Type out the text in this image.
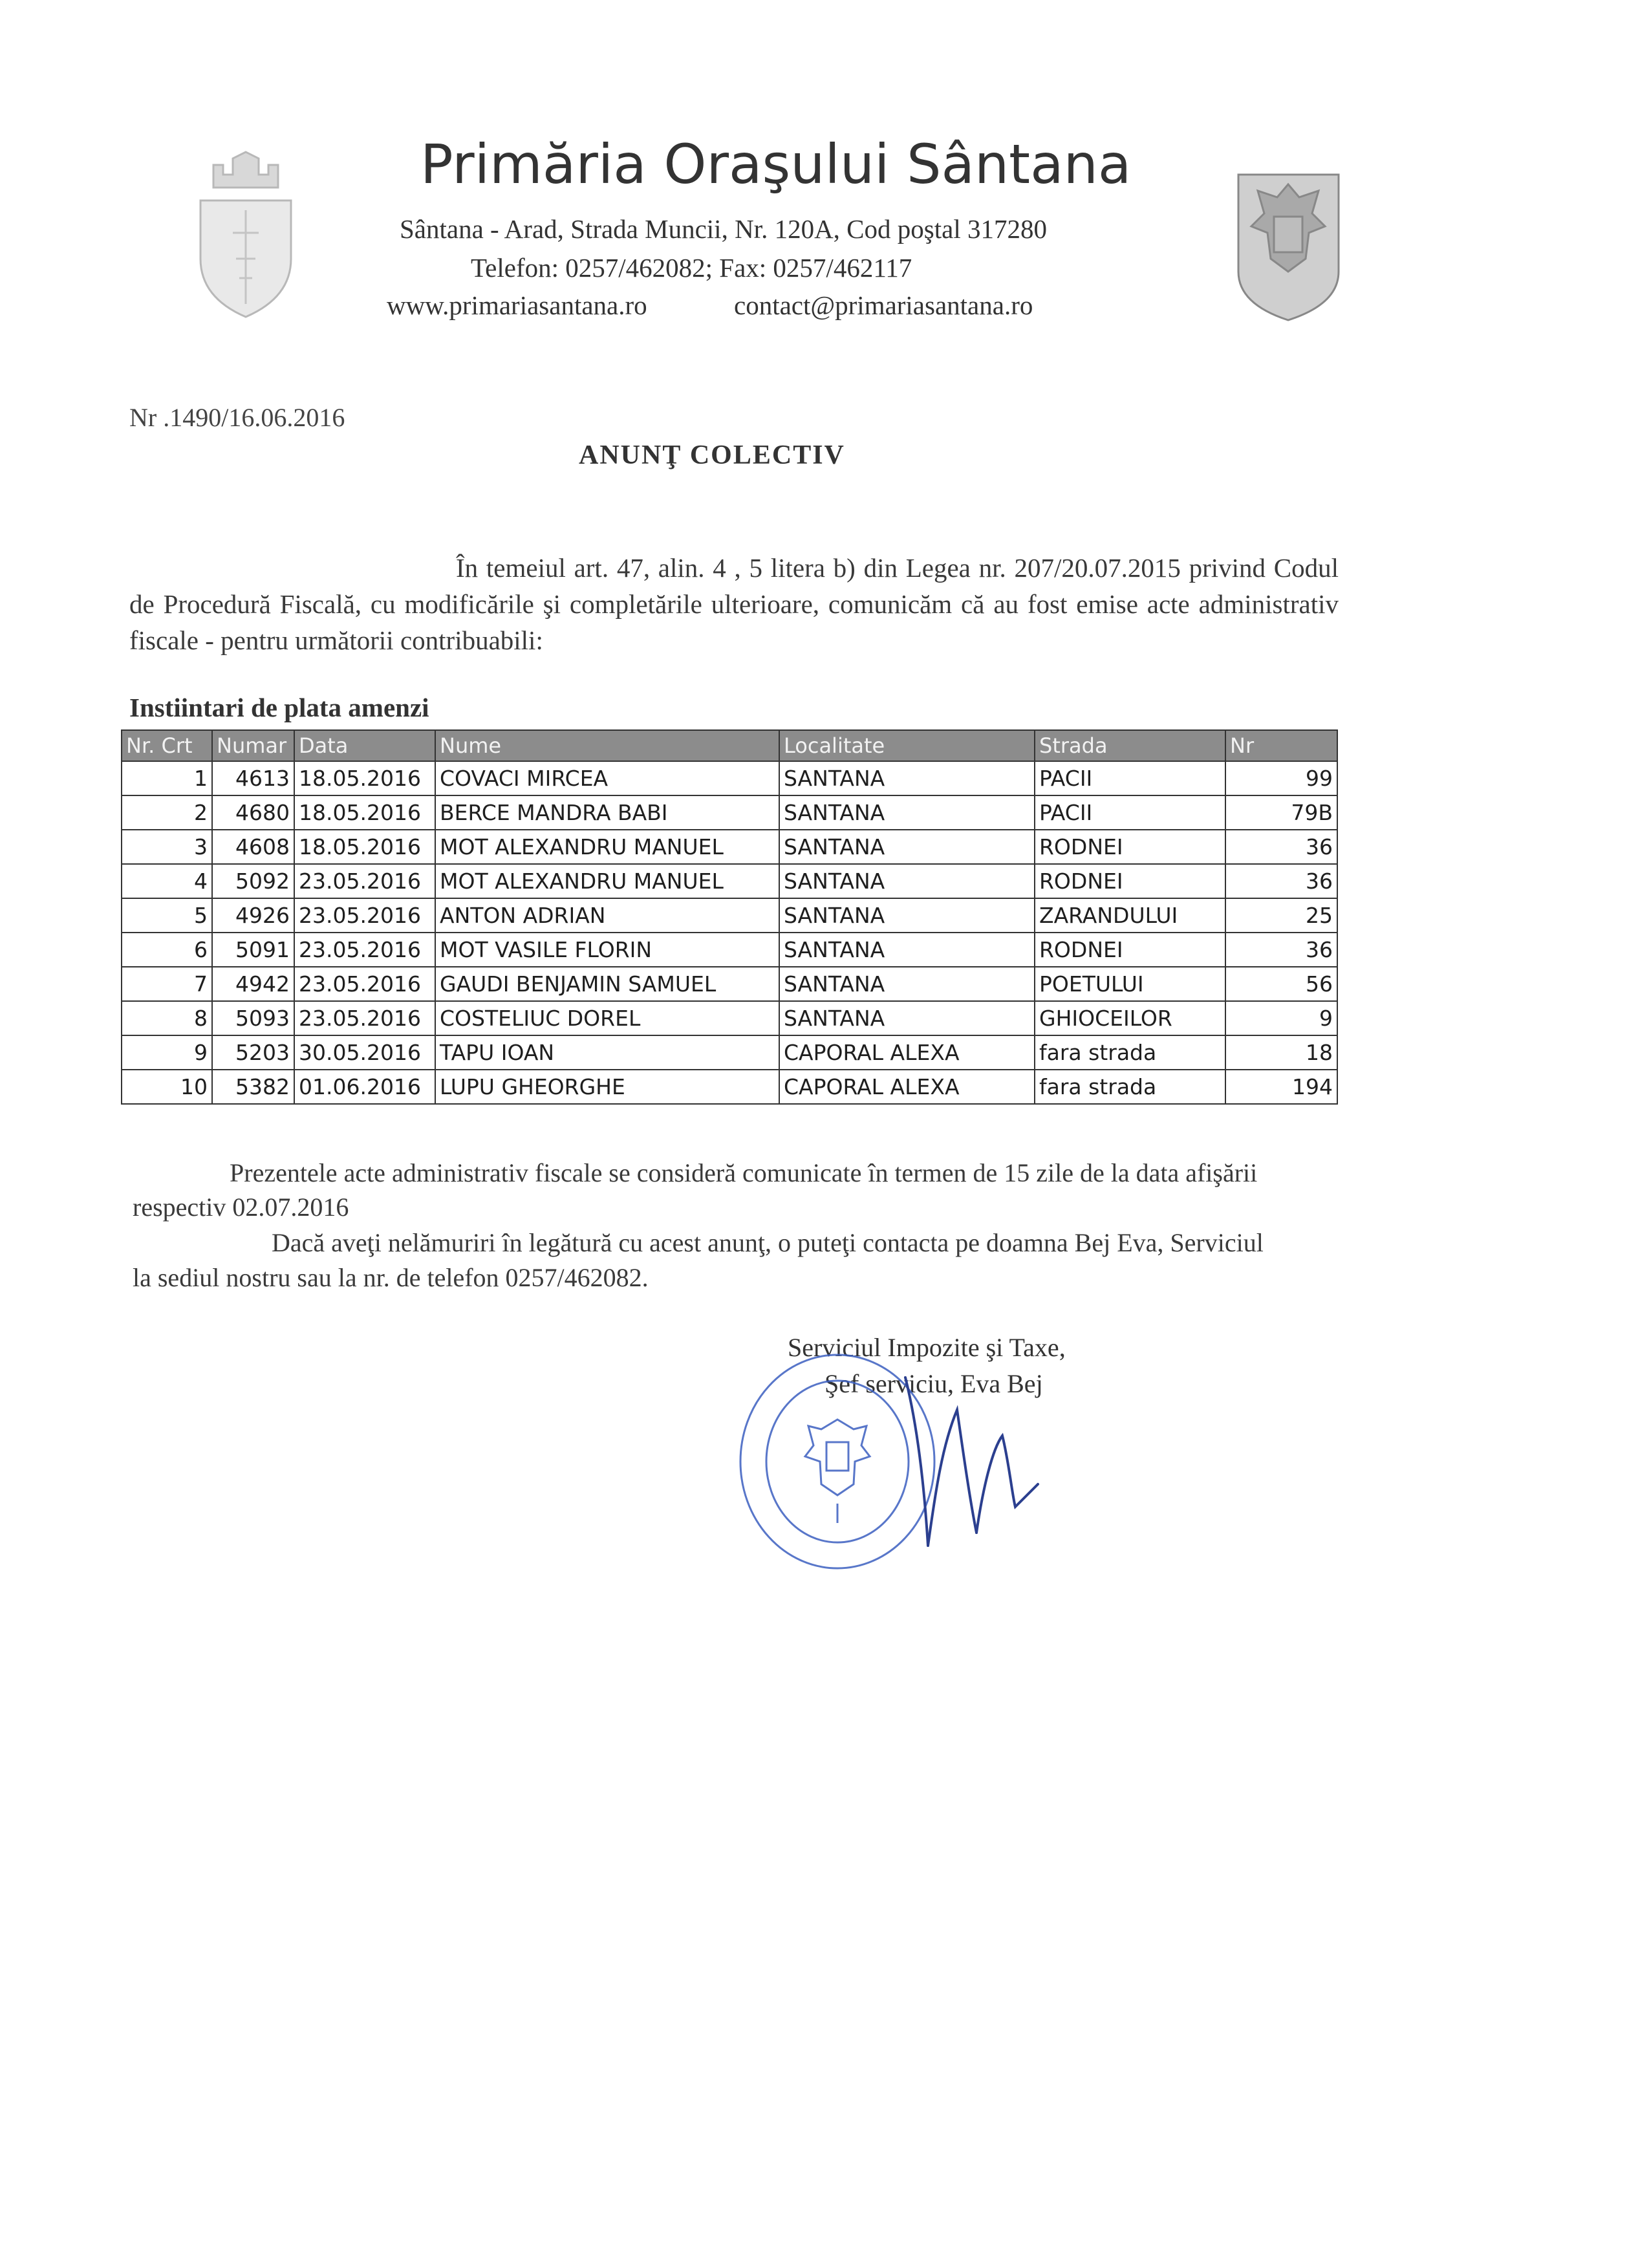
Primăria Oraşului Sântana
Sântana - Arad, Strada Muncii, Nr. 120A, Cod poştal 317280
Telefon: 0257/462082; Fax: 0257/462117
www.primariasantana.ro	contact@primariasantana.ro
Nr .1490/16.06.2016
ANUNŢ COLECTIV
În temeiul art. 47, alin. 4 , 5 litera b) din Legea nr. 207/20.07.2015 privind Codul de Procedură Fiscală, cu modificările şi completările ulterioare, comunicăm că au fost emise acte administrativ fiscale - pentru următorii contribuabili:
Instiintari de plata amenzi
Nr. Crt	Numar	Data	Nume	Localitate	Strada	Nr
1	4613	18.05.2016	COVACI MIRCEA	SANTANA	PACII	99
2	4680	18.05.2016	BERCE MANDRA BABI	SANTANA	PACII	79B
3	4608	18.05.2016	MOT ALEXANDRU MANUEL	SANTANA	RODNEI	36
4	5092	23.05.2016	MOT ALEXANDRU MANUEL	SANTANA	RODNEI	36
5	4926	23.05.2016	ANTON ADRIAN	SANTANA	ZARANDULUI	25
6	5091	23.05.2016	MOT VASILE FLORIN	SANTANA	RODNEI	36
7	4942	23.05.2016	GAUDI BENJAMIN SAMUEL	SANTANA	POETULUI	56
8	5093	23.05.2016	COSTELIUC DOREL	SANTANA	GHIOCEILOR	9
9	5203	30.05.2016	TAPU IOAN	CAPORAL ALEXA	fara strada	18
10	5382	01.06.2016	LUPU GHEORGHE	CAPORAL ALEXA	fara strada	194
Prezentele acte administrativ fiscale se consideră comunicate în termen de 15 zile de la data afişării
respectiv 02.07.2016
Dacă aveţi nelămuriri în legătură cu acest anunţ, o puteţi contacta pe doamna Bej Eva, Serviciul
la sediul nostru sau la nr. de telefon 0257/462082.
Serviciul Impozite şi Taxe,
Şef serviciu, Eva Bej
